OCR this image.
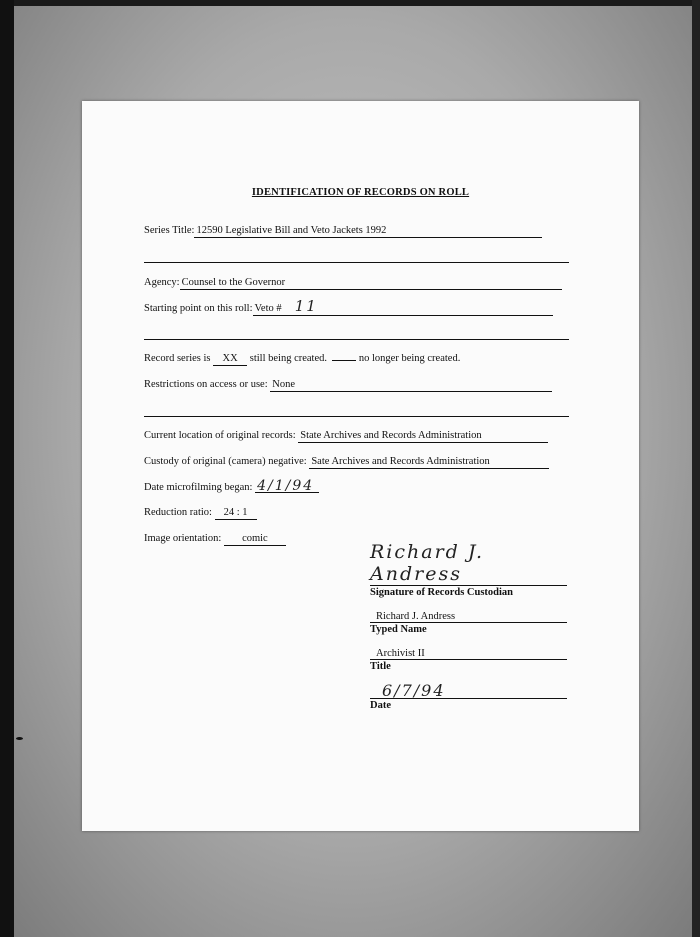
IDENTIFICATION OF RECORDS ON ROLL
Series Title: 12590 Legislative Bill and Veto Jackets 1992
Agency: Counsel to the Governor
Starting point on this roll: Veto # 11
Record series is XX still being created.	no longer being created.
Restrictions on access or use: None
Current location of original records: State Archives and Records Administration
Custody of original (camera) negative: Sate Archives and Records Administration
Date microfilming began: 4/1/94
Reduction ratio: 24 : 1
Image orientation: comic
Richard J. Andress
Signature of Records Custodian
Richard J. Andress
Typed Name
Archivist II
Title
6/7/94
Date
